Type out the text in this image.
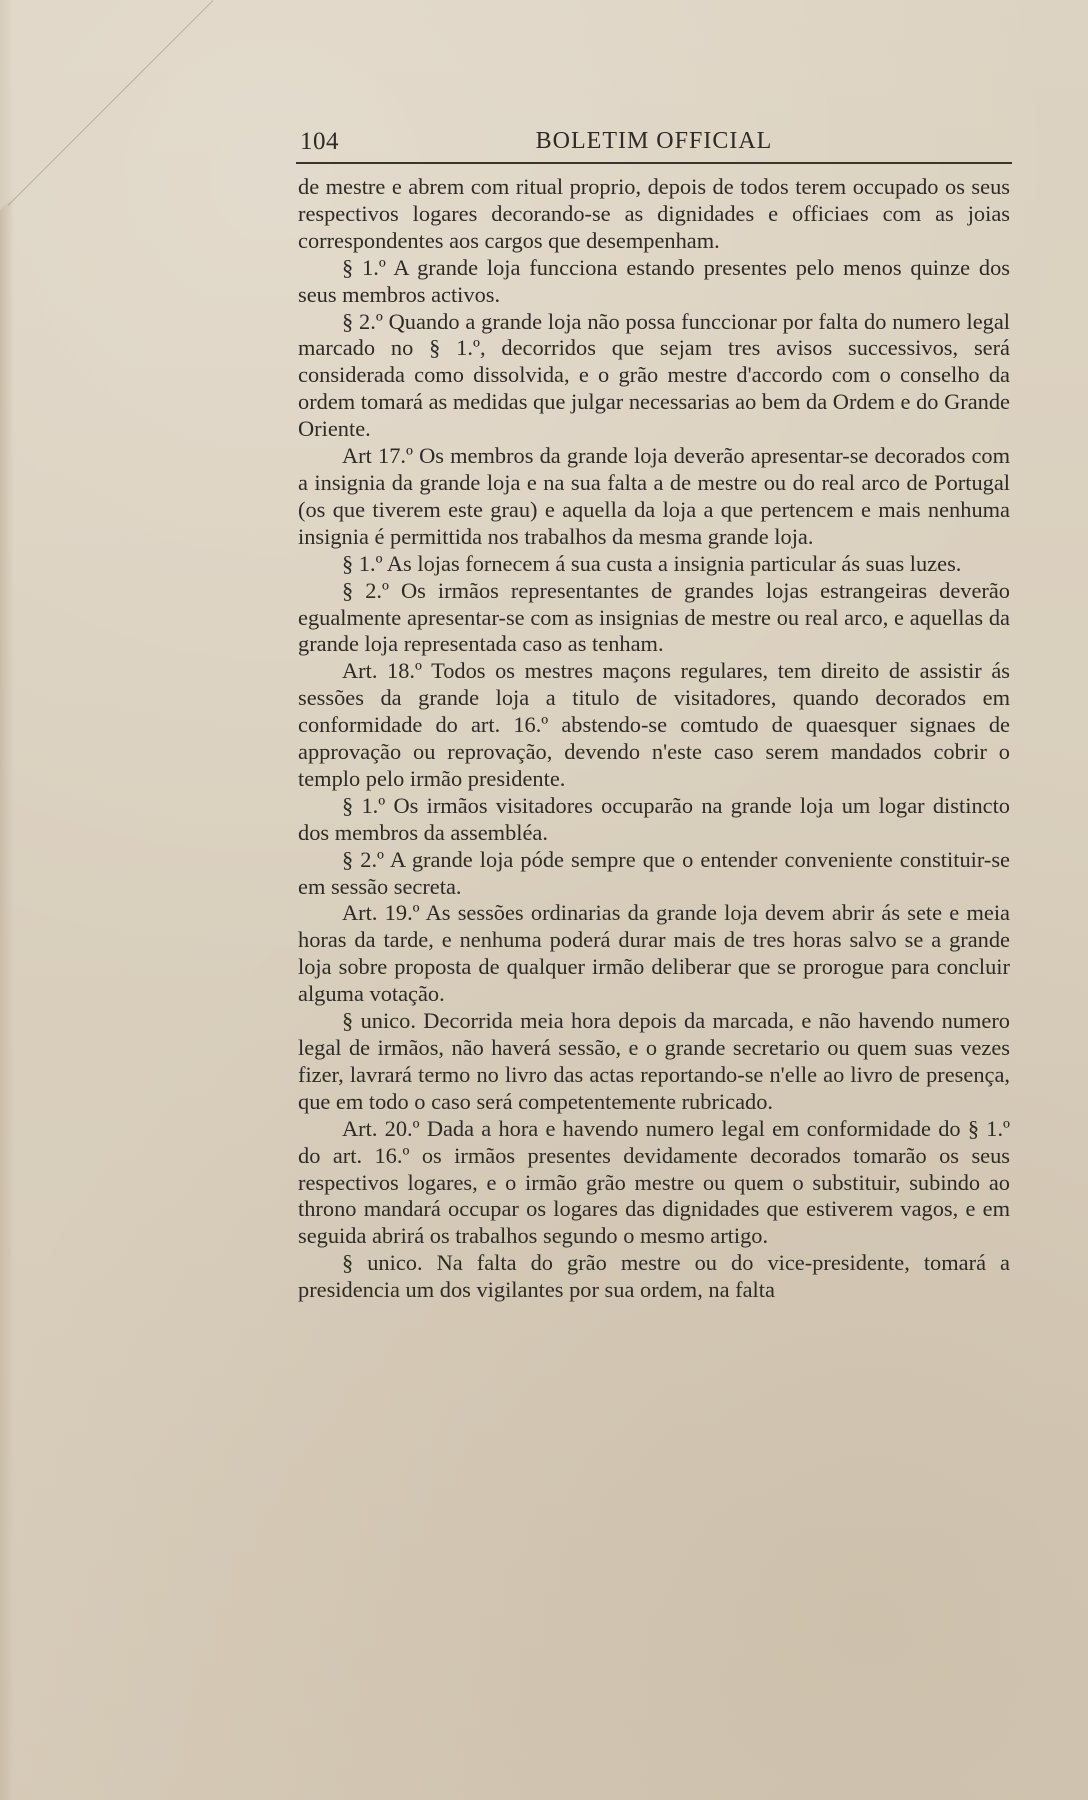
104	BOLETIM OFFICIAL

de mestre e abrem com ritual proprio, depois de todos terem occupado os seus respectivos logares decorando-se as dignidades e officiaes com as joias correspondentes aos cargos que desempenham.

§ 1.º A grande loja funcciona estando presentes pelo menos quinze dos seus membros activos.

§ 2.º Quando a grande loja não possa funccionar por falta do numero legal marcado no § 1.º, decorridos que sejam tres avisos successivos, será considerada como dissolvida, e o grão mestre d'accordo com o conselho da ordem tomará as medidas que julgar necessarias ao bem da Ordem e do Grande Oriente.

Art 17.º Os membros da grande loja deverão apresentar-se decorados com a insignia da grande loja e na sua falta a de mestre ou do real arco de Portugal (os que tiverem este grau) e aquella da loja a que pertencem e mais nenhuma insignia é permittida nos trabalhos da mesma grande loja.

§ 1.º As lojas fornecem á sua custa a insignia particular ás suas luzes.

§ 2.º Os irmãos representantes de grandes lojas estrangeiras deverão egualmente apresentar-se com as insignias de mestre ou real arco, e aquellas da grande loja representada caso as tenham.

Art. 18.º Todos os mestres maçons regulares, tem direito de assistir ás sessões da grande loja a titulo de visitadores, quando decorados em conformidade do art. 16.º abstendo-se comtudo de quaesquer signaes de approvação ou reprovação, devendo n'este caso serem mandados cobrir o templo pelo irmão presidente.

§ 1.º Os irmãos visitadores occuparão na grande loja um logar distincto dos membros da assembléa.

§ 2.º A grande loja póde sempre que o entender conveniente constituir-se em sessão secreta.

Art. 19.º As sessões ordinarias da grande loja devem abrir ás sete e meia horas da tarde, e nenhuma poderá durar mais de tres horas salvo se a grande loja sobre proposta de qualquer irmão deliberar que se prorogue para concluir alguma votação.

§ unico. Decorrida meia hora depois da marcada, e não havendo numero legal de irmãos, não haverá sessão, e o grande secretario ou quem suas vezes fizer, lavrará termo no livro das actas reportando-se n'elle ao livro de presença, que em todo o caso será competentemente rubricado.

Art. 20.º Dada a hora e havendo numero legal em conformidade do § 1.º do art. 16.º os irmãos presentes devidamente decorados tomarão os seus respectivos logares, e o irmão grão mestre ou quem o substituir, subindo ao throno mandará occupar os logares das dignidades que estiverem vagos, e em seguida abrirá os trabalhos segundo o mesmo artigo.

§ unico. Na falta do grão mestre ou do vice-presidente, tomará a presidencia um dos vigilantes por sua ordem, na falta
